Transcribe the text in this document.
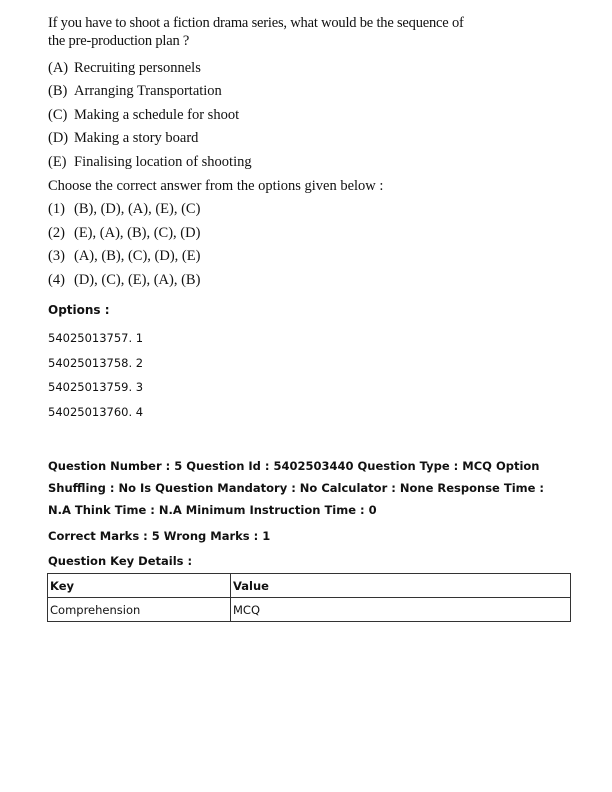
If you have to shoot a fiction drama series, what would be the sequence of the pre-production plan ?

(A) Recruiting personnels
(B) Arranging Transportation
(C) Making a schedule for shoot
(D) Making a story board
(E) Finalising location of shooting
Choose the correct answer from the options given below :
(1) (B), (D), (A), (E), (C)
(2) (E), (A), (B), (C), (D)
(3) (A), (B), (C), (D), (E)
(4) (D), (C), (E), (A), (B)
Options :
54025013757. 1
54025013758. 2
54025013759. 3
54025013760. 4
Question Number : 5 Question Id : 5402503440 Question Type : MCQ Option Shuffling : No Is Question Mandatory : No Calculator : None Response Time : N.A Think Time : N.A Minimum Instruction Time : 0
Correct Marks : 5 Wrong Marks : 1
Question Key Details :
Key	Value
Comprehension	MCQ
